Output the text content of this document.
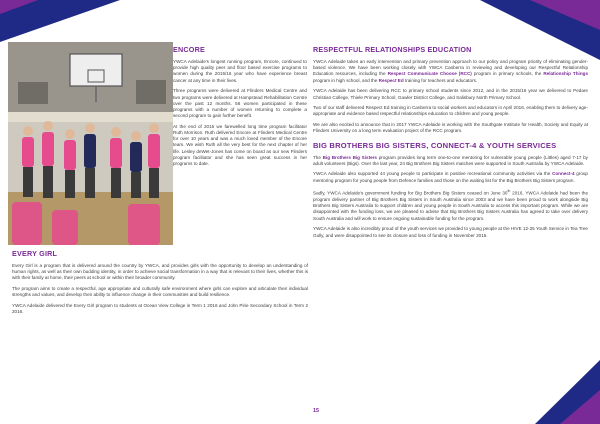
ENCORE

YWCA Adelaide's longest running program, Encore, continued to provide high quality peer and floor based exercise programs to women during the 2015/16 year who have experience breast cancer at any time in their lives.

Three programs were delivered at Flinders Medical Centre and two programs were delivered at Hampstead Rehabilitation Centre over the past 12 months. 56 women participated in these programs with a number of women returning to complete a second program to gain further benefit.

At the end of 2015 we farewelled long time program facilitator Ruth Morrison. Ruth delivered Encore at Flinders Medical Centre for over 10 years and was a much loved member of the Encore team. We wish Ruth all the very best for the next chapter of her life. Lesley deWet-Jones has come on board as our new Flinders program facilitator and she has seen great success in her programs to date.

EVERY GIRL

Every Girl is a program that is delivered around the country by YWCA, and provides girls with the opportunity to develop an understanding of human rights, as well as their own budding identity, in order to achieve social transformation in a way that is relevant to their lives, whether this is with their family at home, their peers at school or within their broader community.

The program aims to create a respectful, age appropriate and culturally safe environment where girls can explore and articulate their individual strengths and values, and develop their ability to influence change in their communities and build resilience.

YWCA Adelaide delivered the Every Girl program to students at Ocean View College in Term 1 2016 and John Pirie Secondary School in Term 2 2016.

RESPECTFUL RELATIONSHIPS EDUCATION

YWCA Adelaide takes an early intervention and primary prevention approach to our policy and program priority of eliminating gender-based violence. We have been working closely with YWCA Canberra in reviewing and developing our Respectful Relationship Education resources, including the Respect Communicate Choose (RCC) program in primary schools, the Relationship Things program in high school, and the Respect Ed training for teachers and educators.

YWCA Adelaide has been delivering RCC to primary school students since 2012, and in the 2015/16 year we delivered to Pedare Christian College, Thiele Primary School, Gawler District College, and Salisbury North Primary School.

Two of our staff delivered Respect Ed training in Canberra to social workers and educators in April 2016, enabling them to delivery age-appropriate and evidence based respectful relationships education to children and young people.

We are also excited to announce that in 2017 YWCA Adelaide is working with the Southgate Institute for Health, Society and Equity at Flinders University on a long term evaluation project of the RCC program.

BIG BROTHERS BIG SISTERS, CONNECT-4 & YOUTH SERVICES

The Big Brothers Big Sisters program provides long term one-to-one mentoring for vulnerable young people (Littles) aged 7-17 by adult volunteers (Bigs). Over the last year, 24 Big Brothers Big Sisters matches were supported in South Australia by YWCA Adelaide.

YWCA Adelaide also supported 44 young people to participate in positive recreational community activities via the Connect-4 group mentoring program for young people from Defence families and those on the waiting list for the Big Brothers Big Sisters program.

Sadly, YWCA Adelaide's government funding for Big Brothers Big Sisters ceased on June 30th 2016. YWCA Adelaide had been the program delivery partner of Big Brothers Big Sisters in South Australia since 2003 and we have been proud to work alongside Big Brothers Big Sisters Australia to support children and young people in South Australia to access this important program. While we are disappointed with the funding loss, we are pleased to advise that Big Brothers Big Sisters Australia has agreed to take over delivery South Australia and will work to ensure ongoing sustainable funding for the program.

YWCA Adelaide is also incredibly proud of the youth services we provided to young people at the HIVE 12-25 Youth Service in Tea Tree Gully, and were disappointed to see its closure and loss of funding in November 2015.

15
